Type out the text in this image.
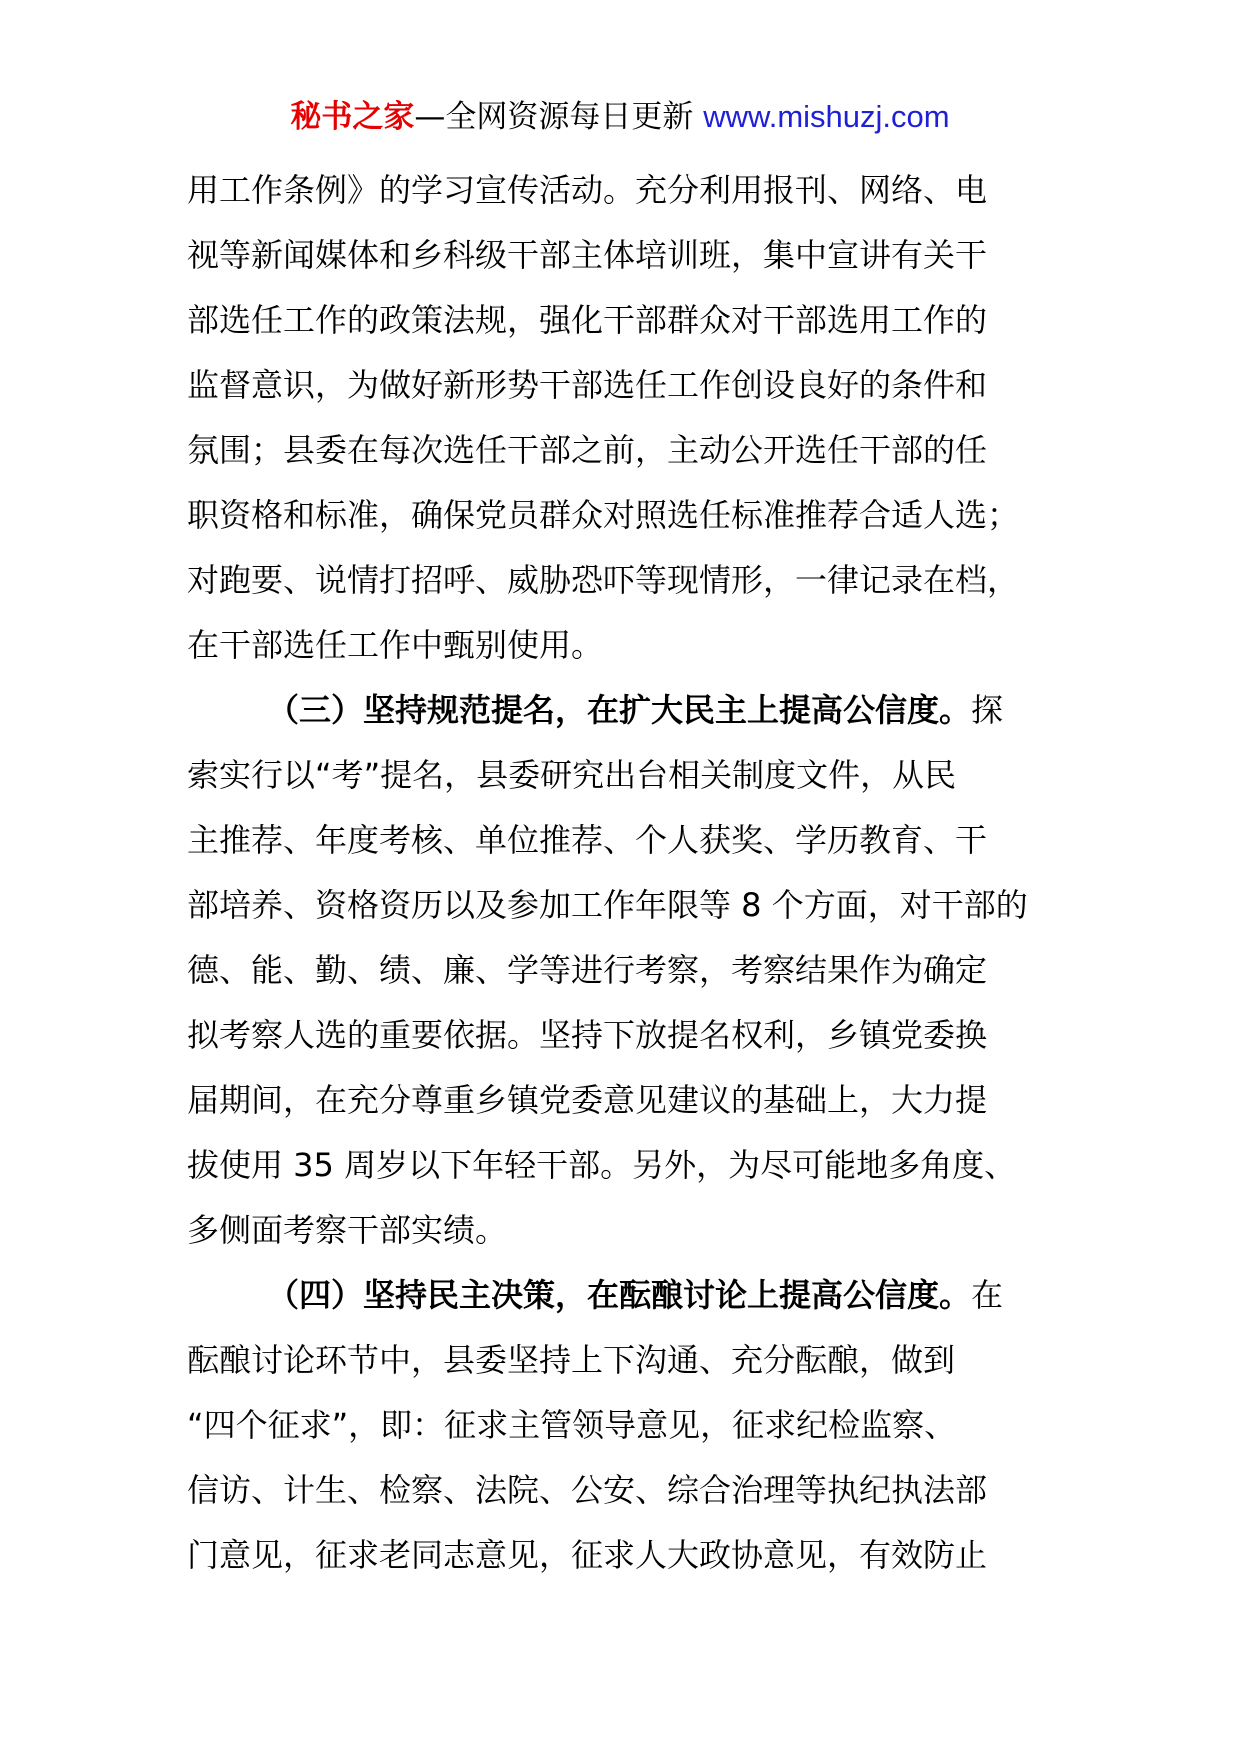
秘书之家—全网资源每日更新 www.mishuzj.com
用工作条例》的学习宣传活动。充分利用报刊、网络、电
视等新闻媒体和乡科级干部主体培训班，集中宣讲有关干
部选任工作的政策法规，强化干部群众对干部选用工作的
监督意识，为做好新形势干部选任工作创设良好的条件和
氛围；县委在每次选任干部之前，主动公开选任干部的任
职资格和标准，确保党员群众对照选任标准推荐合适人选；
对跑要、说情打招呼、威胁恐吓等现情形，一律记录在档，
在干部选任工作中甄别使用。
（三）坚持规范提名，在扩大民主上提高公信度。探
索实行以“考”提名，县委研究出台相关制度文件，从民
主推荐、年度考核、单位推荐、个人获奖、学历教育、干
部培养、资格资历以及参加工作年限等 8 个方面，对干部的
德、能、勤、绩、廉、学等进行考察，考察结果作为确定
拟考察人选的重要依据。坚持下放提名权利，乡镇党委换
届期间，在充分尊重乡镇党委意见建议的基础上，大力提
拔使用 35 周岁以下年轻干部。另外，为尽可能地多角度、
多侧面考察干部实绩。
（四）坚持民主决策，在酝酿讨论上提高公信度。在
酝酿讨论环节中，县委坚持上下沟通、充分酝酿，做到
“四个征求”，即：征求主管领导意见，征求纪检监察、
信访、计生、检察、法院、公安、综合治理等执纪执法部
门意见，征求老同志意见，征求人大政协意见，有效防止
